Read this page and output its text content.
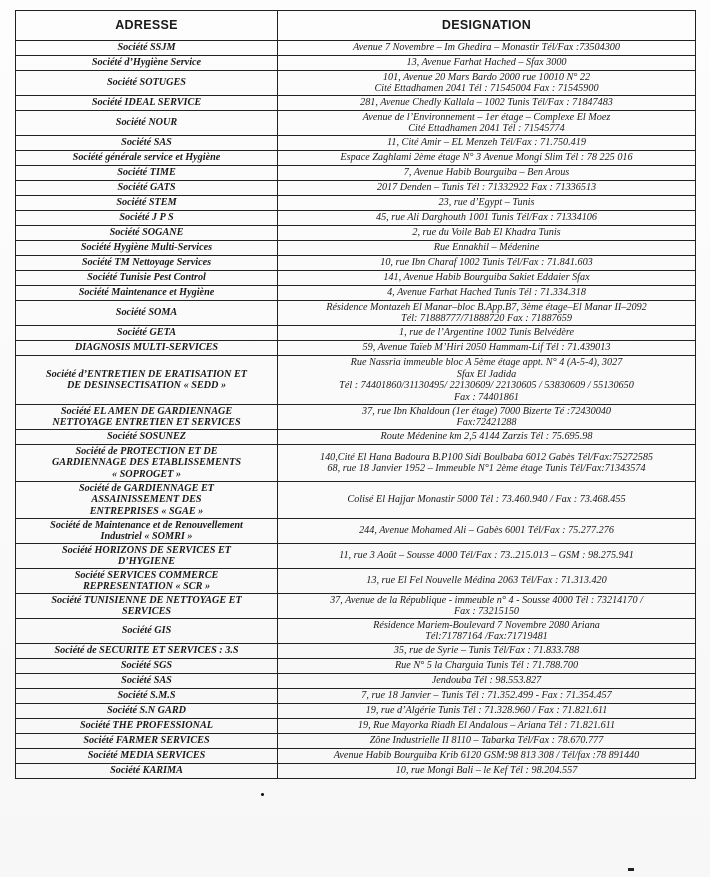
ADRESSE	DESIGNATION
Société SSJM	Avenue 7 Novembre – Im Ghedira – Monastir Tél/Fax :73504300
Société d’Hygiène Service	13, Avenue Farhat Hached – Sfax 3000
Société SOTUGES	101, Avenue 20 Mars Bardo 2000 rue 10010 N° 22
Cité Ettadhamen 2041 Tél : 71545004 Fax : 71545900
Société IDEAL SERVICE	281, Avenue Chedly Kallala – 1002 Tunis Tél/Fax : 71847483
Société NOUR	Avenue de l’Environnement – 1er étage – Complexe El Moez
Cité Ettadhamen 2041 Tél : 71545774
Société SAS	11, Cité Amir – EL Menzeh Tél/Fax : 71.750.419
Société générale service et Hygiène	Espace Zaghlami 2ème étage N° 3 Avenue Mongi Slim Tél : 78 225 016
Société TIME	7, Avenue Habib Bourguiba – Ben Arous
Société GATS	2017 Denden – Tunis Tél : 71332922 Fax : 71336513
Société STEM	23, rue d’Egypt – Tunis
Société J P S	45, rue Ali Darghouth 1001 Tunis Tél/Fax : 71334106
Société SOGANE	2, rue du Voile Bab El Khadra Tunis
Société Hygiène Multi-Services	Rue Ennakhil – Médenine
Société TM Nettoyage Services	10, rue Ibn Charaf 1002 Tunis Tél/Fax : 71.841.603
Société Tunisie Pest Control	141, Avenue Habib Bourguiba Sakiet Eddaier Sfax
Société Maintenance et Hygiène	4, Avenue Farhat Hached Tunis Tél : 71.334.318
Société SOMA	Résidence Montazeh El Manar–bloc B.App.B7, 3ème étage–El Manar II–2092
Tél: 71888777/71888720 Fax : 71887659
Société GETA	1, rue de l’Argentine 1002 Tunis Belvédère
DIAGNOSIS MULTI-SERVICES	59, Avenue Taïeb M’Hiri 2050 Hammam-Lif Tél : 71.439013
Société d’ENTRETIEN DE ERATISATION ET
DE DESINSECTISATION « SEDD »	Rue Nassria immeuble bloc A 5ème étage appt. N° 4 (A-5-4), 3027
Sfax El Jadida
Tél : 74401860/31130495/ 22130609/ 22130605 / 53830609 / 55130650
Fax : 74401861
Société EL AMEN DE GARDIENNAGE
NETTOYAGE ENTRETIEN ET SERVICES	37, rue Ibn Khaldoun (1er étage) 7000 Bizerte Té :72430040
Fax:72421288
Société SOSUNEZ	Route Médenine km 2,5 4144 Zarzis Tél : 75.695.98
Société de PROTECTION ET DE
GARDIENNAGE DES ETABLISSEMENTS
« SOPROGET »	140,Cité El Hana Badoura B.P100 Sidi Boulbaba 6012 Gabès Tél/Fax:75272585
68, rue 18 Janvier 1952 – Immeuble N°1 2ème étage Tunis Tél/Fax:71343574
Société de GARDIENNAGE ET
ASSAINISSEMENT DES
ENTREPRISES « SGAE »	Colisé El Hajjar Monastir 5000 Tél : 73.460.940 / Fax : 73.468.455
Société de Maintenance et de Renouvellement
Industriel « SOMRI »	244, Avenue Mohamed Ali – Gabès 6001 Tél/Fax : 75.277.276
Société HORIZONS DE SERVICES ET
D’HYGIENE	11, rue 3 Août – Sousse 4000 Tél/Fax : 73..215.013 – GSM : 98.275.941
Société SERVICES COMMERCE
REPRESENTATION « SCR »	13, rue El Fel Nouvelle Médina 2063 Tél/Fax : 71.313.420
Société TUNISIENNE DE NETTOYAGE ET
SERVICES	37, Avenue de la République - immeuble n° 4 - Sousse 4000 Tél : 73214170 /
Fax : 73215150
Société GIS	Résidence Mariem-Boulevard 7 Novembre 2080 Ariana
Tél:71787164 /Fax:71719481
Société de SECURITE ET SERVICES : 3.S	35, rue de Syrie – Tunis Tél/Fax : 71.833.788
Société SGS	Rue N° 5 la Charguia Tunis Tél : 71.788.700
Société SAS	Jendouba Tél : 98.553.827
Société S.M.S	7, rue 18 Janvier – Tunis Tél : 71.352.499 - Fax : 71.354.457
Société S.N GARD	19, rue d’Algérie Tunis Tél : 71.328.960 / Fax : 71.821.611
Société THE PROFESSIONAL	19, Rue Mayorka Riadh El Andalous – Ariana Tél : 71.821.611
Société FARMER SERVICES	Zône Industrielle II 8110 – Tabarka Tél/Fax : 78.670.777
Société MEDIA SERVICES	Avenue Habib Bourguiba Krib 6120 GSM:98 813 308 / Tél/fax :78 891440
Société KARIMA	10, rue Mongi Bali – le Kef Tél : 98.204.557
